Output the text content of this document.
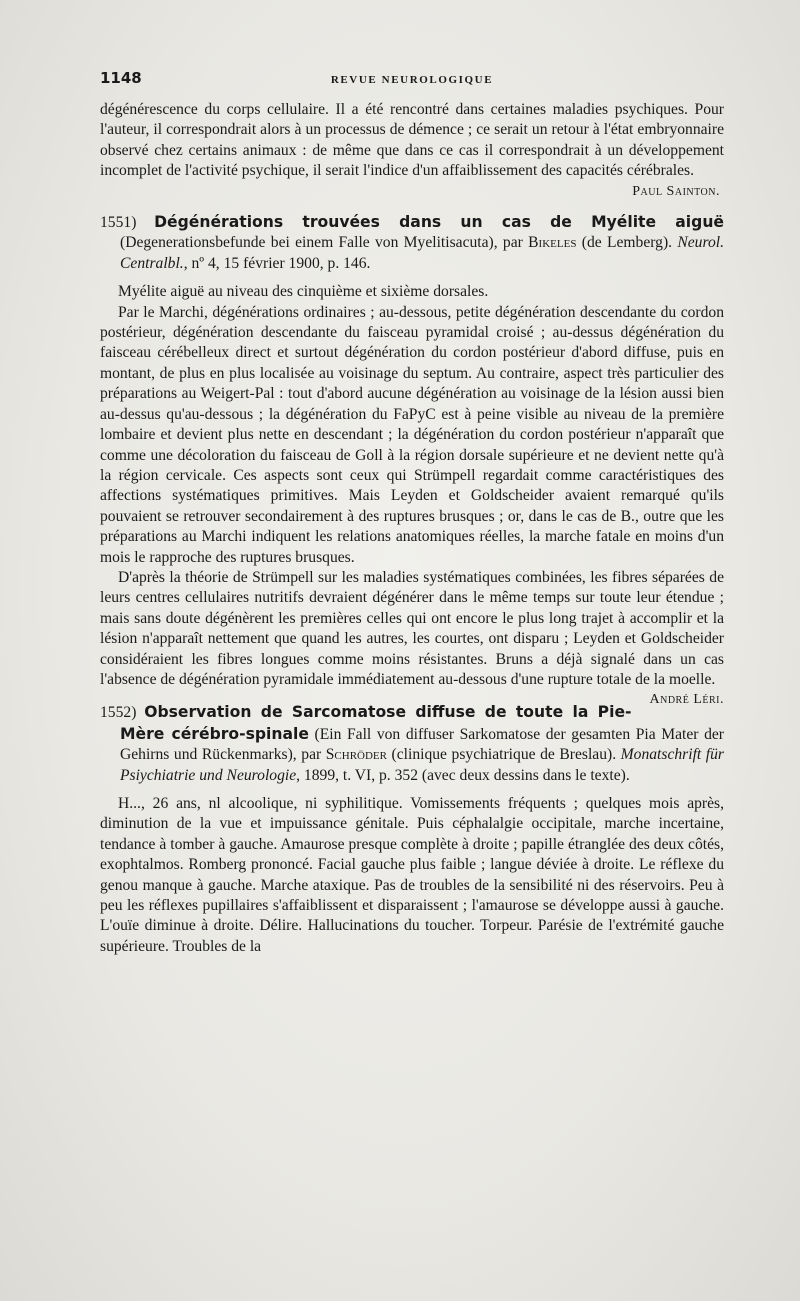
1148	REVUE NEUROLOGIQUE

dégénérescence du corps cellulaire. Il a été rencontré dans certaines maladies psychiques. Pour l'auteur, il correspondrait alors à un processus de démence ; ce serait un retour à l'état embryonnaire observé chez certains animaux : de même que dans ce cas il correspondrait à un développement incomplet de l'activité psychique, il serait l'indice d'un affaiblissement des capacités cérébrales.

Paul Sainton.

1551) Dégénérations trouvées dans un cas de Myélite aiguë (Degenerationsbefunde bei einem Falle von Myelitisacuta), par Bikeles (de Lemberg). Neurol. Centralbl., nº 4, 15 février 1900, p. 146.

Myélite aiguë au niveau des cinquième et sixième dorsales.

Par le Marchi, dégénérations ordinaires ; au-dessous, petite dégénération descendante du cordon postérieur, dégénération descendante du faisceau pyramidal croisé ; au-dessus dégénération du faisceau cérébelleux direct et surtout dégénération du cordon postérieur d'abord diffuse, puis en montant, de plus en plus localisée au voisinage du septum. Au contraire, aspect très particulier des préparations au Weigert-Pal : tout d'abord aucune dégénération au voisinage de la lésion aussi bien au-dessus qu'au-dessous ; la dégénération du FaPyC est à peine visible au niveau de la première lombaire et devient plus nette en descendant ; la dégénération du cordon postérieur n'apparaît que comme une décoloration du faisceau de Goll à la région dorsale supérieure et ne devient nette qu'à la région cervicale. Ces aspects sont ceux qui Strümpell regardait comme caractéristiques des affections systématiques primitives. Mais Leyden et Goldscheider avaient remarqué qu'ils pouvaient se retrouver secondairement à des ruptures brusques ; or, dans le cas de B., outre que les préparations au Marchi indiquent les relations anatomiques réelles, la marche fatale en moins d'un mois le rapproche des ruptures brusques.

D'après la théorie de Strümpell sur les maladies systématiques combinées, les fibres séparées de leurs centres cellulaires nutritifs devraient dégénérer dans le même temps sur toute leur étendue ; mais sans doute dégénèrent les premières celles qui ont encore le plus long trajet à accomplir et la lésion n'apparaît nettement que quand les autres, les courtes, ont disparu ; Leyden et Goldscheider considéraient les fibres longues comme moins résistantes. Bruns a déjà signalé dans un cas l'absence de dégénération pyramidale immédiatement au-dessous d'une rupture totale de la moelle.
André Léri.

1552) Observation de Sarcomatose diffuse de toute la Pie-Mère cérébro-spinale (Ein Fall von diffuser Sarkomatose der gesamten Pia Mater der Gehirns und Rückenmarks), par Schröder (clinique psychiatrique de Breslau). Monatschrift für Psiychiatrie und Neurologie, 1899, t. VI, p. 352 (avec deux dessins dans le texte).

H..., 26 ans, nl alcoolique, ni syphilitique. Vomissements fréquents ; quelques mois après, diminution de la vue et impuissance génitale. Puis céphalalgie occipitale, marche incertaine, tendance à tomber à gauche. Amaurose presque complète à droite ; papille étranglée des deux côtés, exophtalmos. Romberg prononcé. Facial gauche plus faible ; langue déviée à droite. Le réflexe du genou manque à gauche. Marche ataxique. Pas de troubles de la sensibilité ni des réservoirs. Peu à peu les réflexes pupillaires s'affaiblissent et disparaissent ; l'amaurose se développe aussi à gauche. L'ouïe diminue à droite. Délire. Hallucinations du toucher. Torpeur. Parésie de l'extrémité gauche supérieure. Troubles de la
